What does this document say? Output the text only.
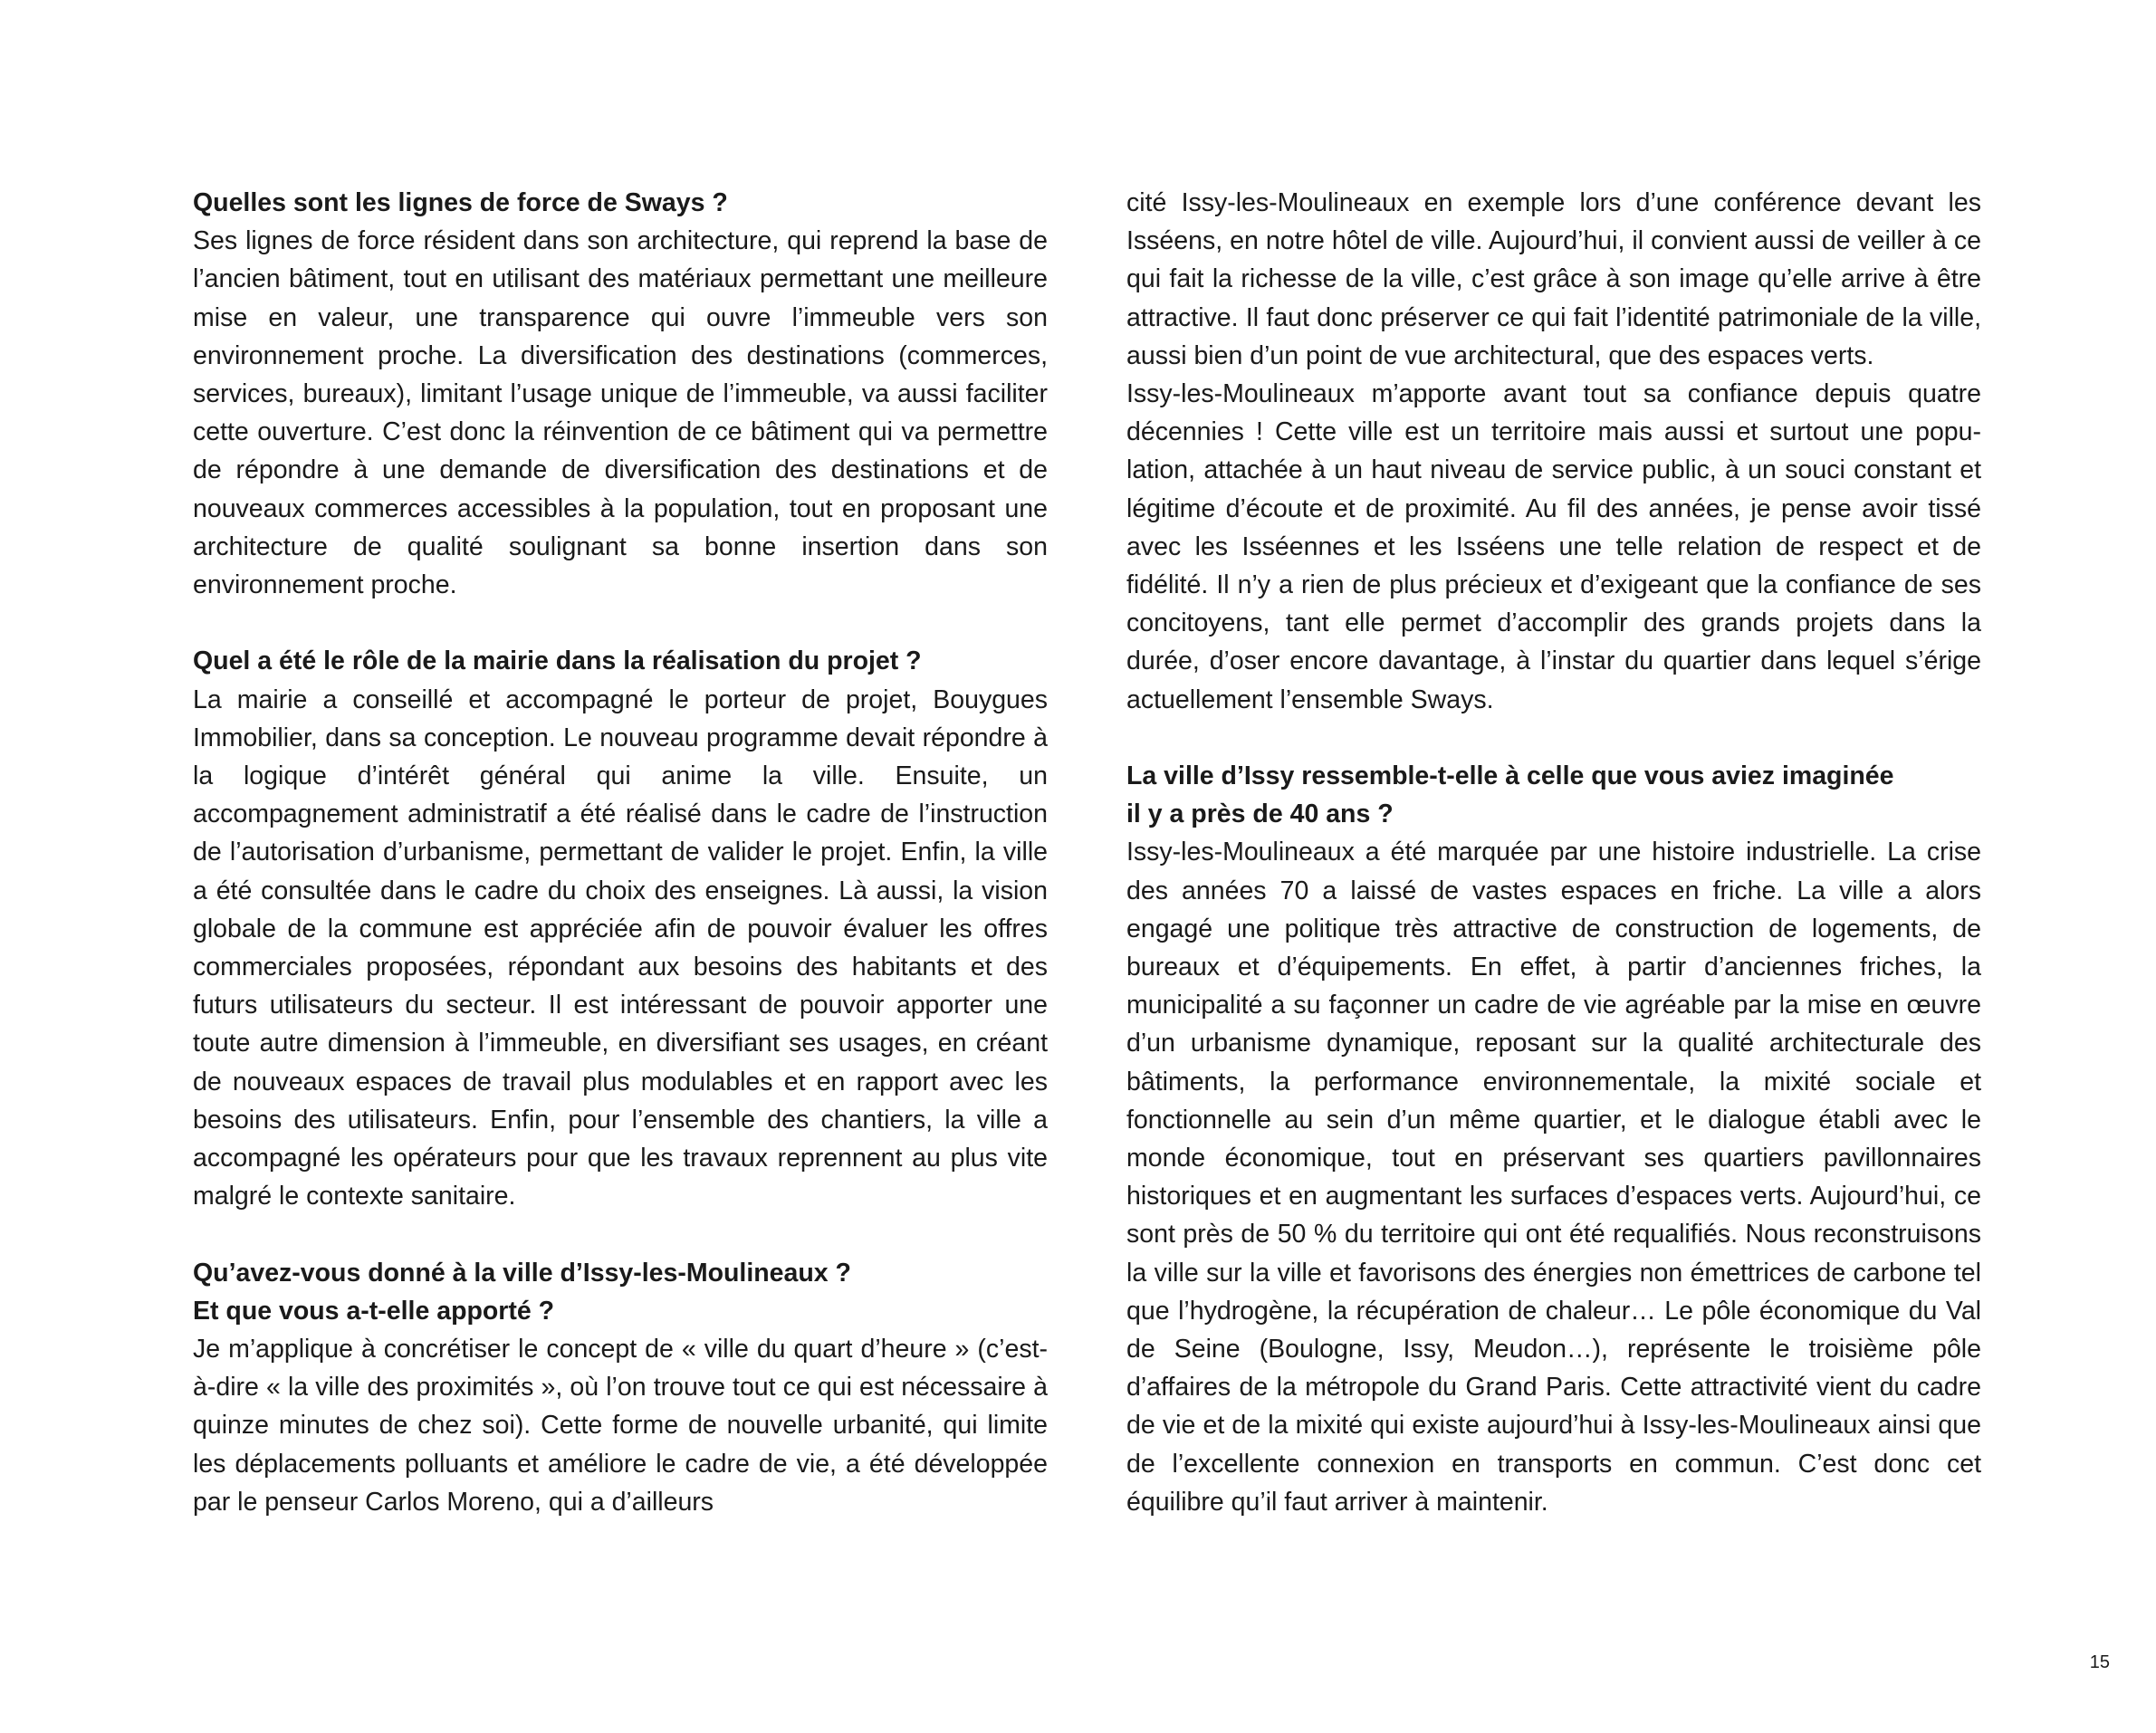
Quelles sont les lignes de force de Sways ?

Ses lignes de force résident dans son architecture, qui reprend la base de l’ancien bâtiment, tout en utilisant des matériaux permettant une meilleure mise en valeur, une transparence qui ouvre l’immeuble vers son environnement proche. La diversification des destinations (commerces, services, bureaux), limitant l’usage unique de l’immeuble, va aussi faciliter cette ouverture. C’est donc la réinvention de ce bâtiment qui va permettre de répondre à une demande de diversification des destinations et de nouveaux commerces accessibles à la population, tout en proposant une architecture de qualité soulignant sa bonne insertion dans son environnement proche.

Quel a été le rôle de la mairie dans la réalisation du projet ?

La mairie a conseillé et accompagné le porteur de projet, Bouygues Immobilier, dans sa conception. Le nouveau programme devait répondre à la logique d’intérêt général qui anime la ville. Ensuite, un accompagnement administratif a été réalisé dans le cadre de l’instruction de l’autorisation d’urbanisme, permettant de valider le projet. Enfin, la ville a été consultée dans le cadre du choix des enseignes. Là aussi, la vision globale de la commune est appréciée afin de pouvoir évaluer les offres commerciales proposées, répondant aux besoins des habitants et des futurs utilisateurs du secteur. Il est intéressant de pouvoir apporter une toute autre dimension à l’immeuble, en diversifiant ses usages, en créant de nouveaux espaces de travail plus modulables et en rapport avec les besoins des utilisateurs. Enfin, pour l’ensemble des chantiers, la ville a accompagné les opérateurs pour que les travaux reprennent au plus vite malgré le contexte sanitaire.

Qu’avez-vous donné à la ville d’Issy-les-Moulineaux ?

Et que vous a-t-elle apporté ?

Je m’applique à concrétiser le concept de « ville du quart d’heure » (c’est-à-dire « la ville des proximités », où l’on trouve tout ce qui est nécessaire à quinze minutes de chez soi). Cette forme de nouvelle urbanité, qui limite les déplacements polluants et améliore le cadre de vie, a été développée par le penseur Carlos Moreno, qui a d’ailleurs

cité Issy-les-Moulineaux en exemple lors d’une conférence devant les Isséens, en notre hôtel de ville. Aujourd’hui, il convient aussi de veiller à ce qui fait la richesse de la ville, c’est grâce à son image qu’elle arrive à être attractive. Il faut donc préserver ce qui fait l’identité patrimoniale de la ville, aussi bien d’un point de vue architectural, que des espaces verts.

Issy-les-Moulineaux m’apporte avant tout sa confiance depuis quatre décennies ! Cette ville est un territoire mais aussi et surtout une population, attachée à un haut niveau de service public, à un souci constant et légitime d’écoute et de proximité. Au fil des années, je pense avoir tissé avec les Isséennes et les Isséens une telle relation de respect et de fidélité. Il n’y a rien de plus précieux et d’exigeant que la confiance de ses concitoyens, tant elle permet d’accomplir des grands projets dans la durée, d’oser encore davantage, à l’instar du quartier dans lequel s’érige actuellement l’ensemble Sways.

La ville d’Issy ressemble-t-elle à celle que vous aviez imaginée

il y a près de 40 ans ?

Issy-les-Moulineaux a été marquée par une histoire industrielle. La crise des années 70 a laissé de vastes espaces en friche. La ville a alors engagé une politique très attractive de construction de logements, de bureaux et d’équipements. En effet, à partir d’anciennes friches, la municipalité a su façonner un cadre de vie agréable par la mise en œuvre d’un urbanisme dynamique, reposant sur la qualité architecturale des bâtiments, la performance environnementale, la mixité sociale et fonctionnelle au sein d’un même quartier, et le dialogue établi avec le monde économique, tout en préservant ses quartiers pavillonnaires historiques et en augmentant les surfaces d’espaces verts. Aujourd’hui, ce sont près de 50 % du territoire qui ont été requalifiés. Nous reconstruisons la ville sur la ville et favorisons des énergies non émettrices de carbone tel que l’hydrogène, la récupération de chaleur… Le pôle économique du Val de Seine (Boulogne, Issy, Meudon…), représente le troisième pôle d’affaires de la métropole du Grand Paris. Cette attractivité vient du cadre de vie et de la mixité qui existe aujourd’hui à Issy-les-Moulineaux ainsi que de l’excellente connexion en transports en commun. C’est donc cet équilibre qu’il faut arriver à maintenir.

15
